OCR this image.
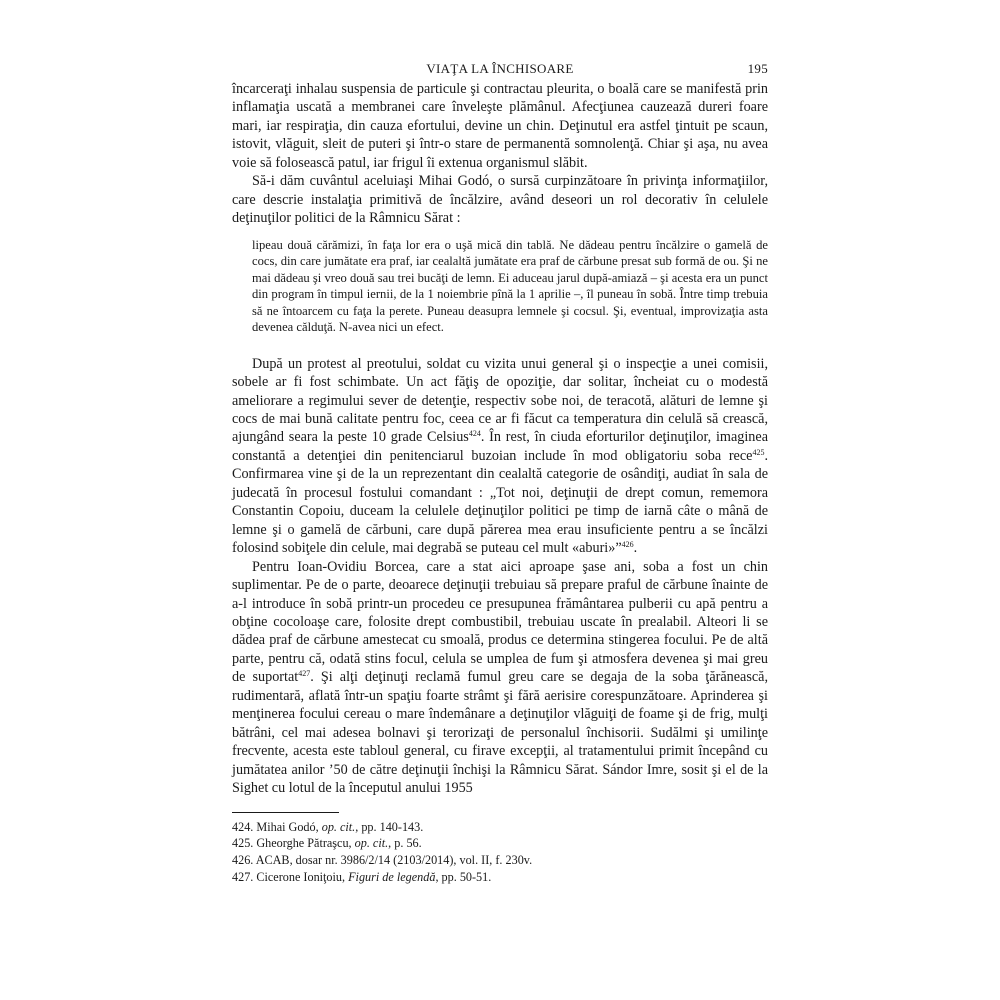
VIAŢA LA ÎNCHISOARE	195

încarceraţi inhalau suspensia de particule şi contractau pleurita, o boală care se manifestă prin inflamaţia uscată a membranei care înveleşte plămânul. Afecţiunea cauzează dureri foare mari, iar respiraţia, din cauza efortului, devine un chin. Deţinutul era astfel ţintuit pe scaun, istovit, vlăguit, sleit de puteri şi într-o stare de permanentă somnolenţă. Chiar şi aşa, nu avea voie să folosească patul, iar frigul îi extenua organismul slăbit.

Să-i dăm cuvântul aceluiaşi Mihai Godó, o sursă curpinzătoare în privinţa informaţiilor, care descrie instalaţia primitivă de încălzire, având deseori un rol decorativ în celulele deţinuţilor politici de la Râmnicu Sărat :

lipeau două cărămizi, în faţa lor era o uşă mică din tablă. Ne dădeau pentru încălzire o gamelă de cocs, din care jumătate era praf, iar cealaltă jumătate era praf de cărbune presat sub formă de ou. Şi ne mai dădeau şi vreo două sau trei bucăţi de lemn. Ei aduceau jarul după-amiază – şi acesta era un punct din program în timpul iernii, de la 1 noiembrie pînă la 1 aprilie –, îl puneau în sobă. Între timp trebuia să ne întoarcem cu faţa la perete. Puneau deasupra lemnele şi cocsul. Şi, eventual, improvizaţia asta devenea călduţă. N-avea nici un efect.

După un protest al preotului, soldat cu vizita unui general şi o inspecţie a unei comisii, sobele ar fi fost schimbate. Un act făţiş de opoziţie, dar solitar, încheiat cu o modestă ameliorare a regimului sever de detenţie, respectiv sobe noi, de teracotă, alături de lemne şi cocs de mai bună calitate pentru foc, ceea ce ar fi făcut ca temperatura din celulă să crească, ajungând seara la peste 10 grade Celsius$^{424}$. În rest, în ciuda eforturilor deţinuţilor, imaginea constantă a detenţiei din penitenciarul buzoian include în mod obligatoriu soba rece$^{425}$. Confirmarea vine şi de la un reprezentant din cealaltă categorie de osândiţi, audiat în sala de judecată în procesul fostului comandant : „Tot noi, deţinuţii de drept comun, rememora Constantin Copoiu, duceam la celulele deţinuţilor politici pe timp de iarnă câte o mână de lemne şi o gamelă de cărbuni, care după părerea mea erau insuficiente pentru a se încălzi folosind sobiţele din celule, mai degrabă se puteau cel mult «aburi»”$^{426}$.

Pentru Ioan-Ovidiu Borcea, care a stat aici aproape şase ani, soba a fost un chin suplimentar. Pe de o parte, deoarece deţinuţii trebuiau să prepare praful de cărbune înainte de a-l introduce în sobă printr-un procedeu ce presupunea frământarea pulberii cu apă pentru a obţine cocoloaşe care, folosite drept combustibil, trebuiau uscate în prealabil. Alteori li se dădea praf de cărbune amestecat cu smoală, produs ce determina stingerea focului. Pe de altă parte, pentru că, odată stins focul, celula se umplea de fum şi atmosfera devenea şi mai greu de suportat$^{427}$. Şi alţi deţinuţi reclamă fumul greu care se degaja de la soba ţărănească, rudimentară, aflată într-un spaţiu foarte strâmt şi fără aerisire corespunzătoare. Aprinderea şi menţinerea focului cereau o mare îndemânare a deţinuţilor vlăguiţi de foame şi de frig, mulţi bătrâni, cel mai adesea bolnavi şi terorizaţi de personalul închisorii. Sudălmi şi umilinţe frecvente, acesta este tabloul general, cu firave excepţii, al tratamentului primit începând cu jumătatea anilor ’50 de către deţinuţii închişi la Râmnicu Sărat. Sándor Imre, sosit şi el de la Sighet cu lotul de la începutul anului 1955

424. Mihai Godó, op. cit., pp. 140-143.
425. Gheorghe Pătraşcu, op. cit., p. 56.
426. ACAB, dosar nr. 3986/2/14 (2103/2014), vol. II, f. 230v.
427. Cicerone Ioniţoiu, Figuri de legendă, pp. 50-51.
